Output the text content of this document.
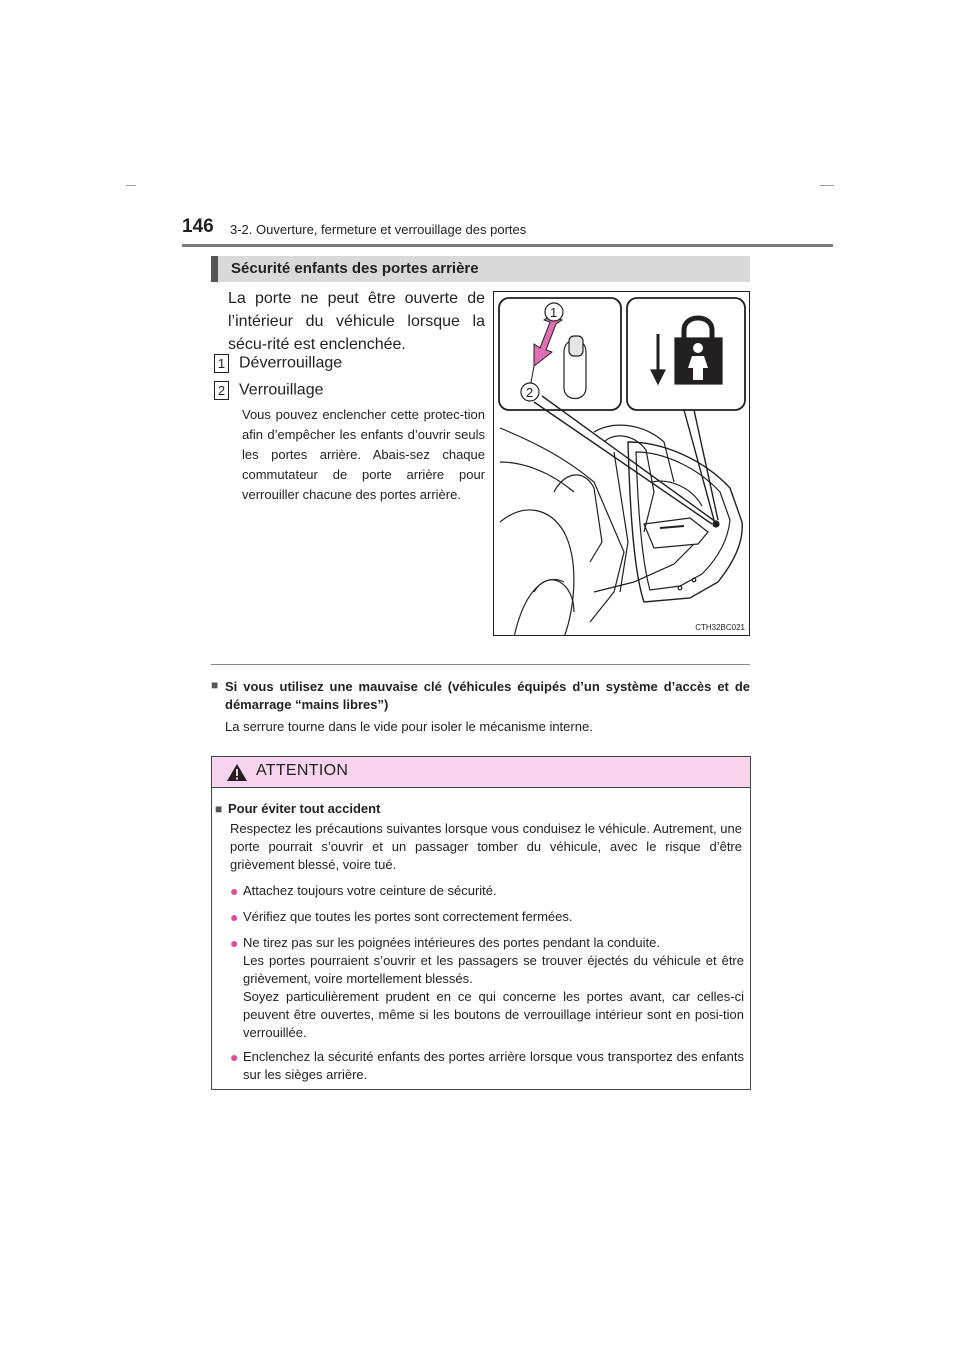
146 3-2. Ouverture, fermeture et verrouillage des portes
Sécurité enfants des portes arrière
La porte ne peut être ouverte de l’intérieur du véhicule lorsque la sécu-rité est enclenchée.
1 Déverrouillage
2 Verrouillage
Vous pouvez enclencher cette protec-tion afin d’empêcher les enfants d’ouvrir seuls les portes arrière. Abais-sez chaque commutateur de porte arrière pour verrouiller chacune des portes arrière.
1
2
CTH32BC021
■ Si vous utilisez une mauvaise clé (véhicules équipés d’un système d’accès et de démarrage “mains libres”)
La serrure tourne dans le vide pour isoler le mécanisme interne.
ATTENTION
■ Pour éviter tout accident
Respectez les précautions suivantes lorsque vous conduisez le véhicule. Autrement, une porte pourrait s’ouvrir et un passager tomber du véhicule, avec le risque d’être grièvement blessé, voire tué.
● Attachez toujours votre ceinture de sécurité.
● Vérifiez que toutes les portes sont correctement fermées.
● Ne tirez pas sur les poignées intérieures des portes pendant la conduite.
Les portes pourraient s’ouvrir et les passagers se trouver éjectés du véhicule et être grièvement, voire mortellement blessés.
Soyez particulièrement prudent en ce qui concerne les portes avant, car celles-ci peuvent être ouvertes, même si les boutons de verrouillage intérieur sont en posi-tion verrouillée.
● Enclenchez la sécurité enfants des portes arrière lorsque vous transportez des enfants sur les sièges arrière.
